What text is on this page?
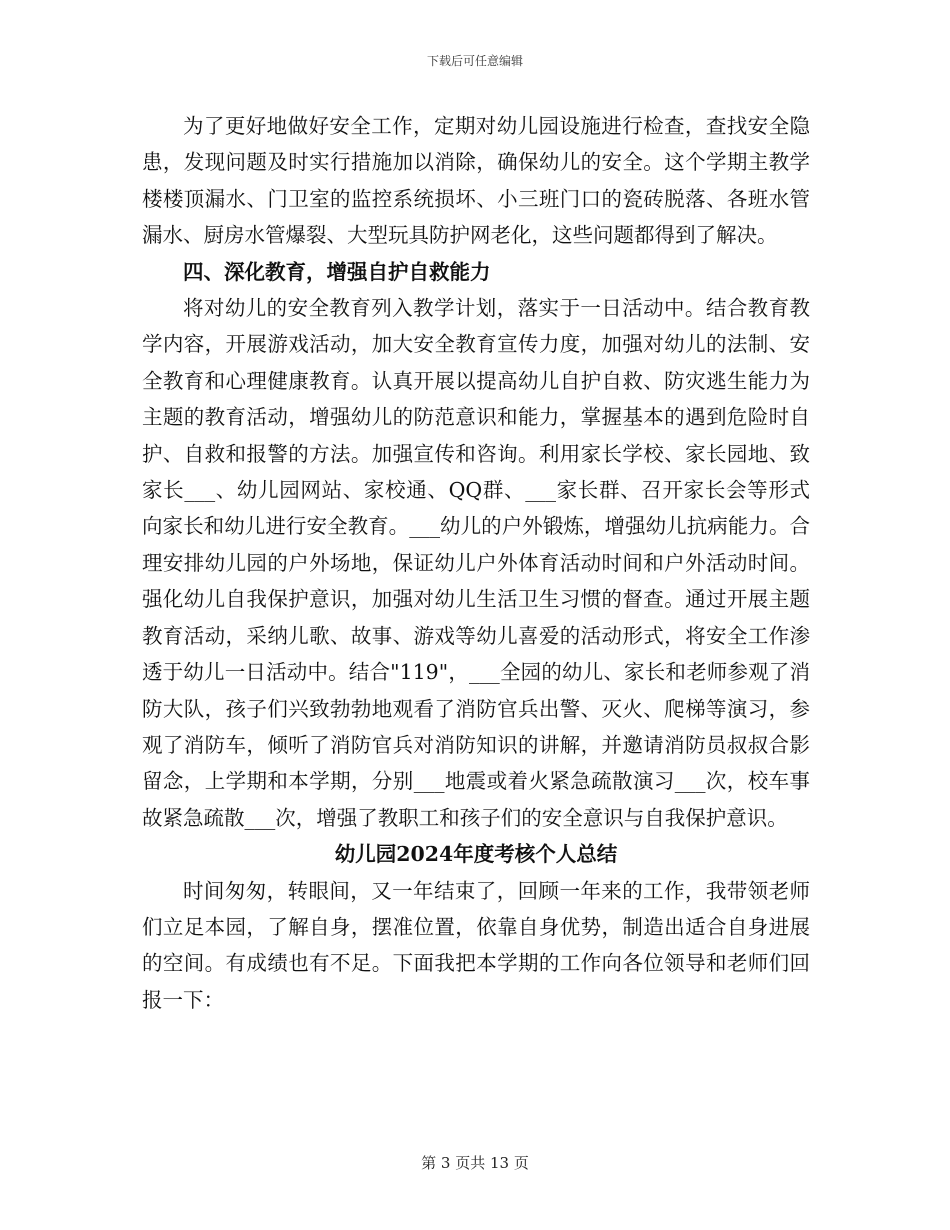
下载后可任意编辑

为了更好地做好安全工作，定期对幼儿园设施进行检查，查找安全隐患，发现问题及时实行措施加以消除，确保幼儿的安全。这个学期主教学楼楼顶漏水、门卫室的监控系统损坏、小三班门口的瓷砖脱落、各班水管漏水、厨房水管爆裂、大型玩具防护网老化，这些问题都得到了解决。

四、深化教育，增强自护自救能力

将对幼儿的安全教育列入教学计划，落实于一日活动中。结合教育教学内容，开展游戏活动，加大安全教育宣传力度，加强对幼儿的法制、安全教育和心理健康教育。认真开展以提高幼儿自护自救、防灾逃生能力为主题的教育活动，增强幼儿的防范意识和能力，掌握基本的遇到危险时自护、自救和报警的方法。加强宣传和咨询。利用家长学校、家长园地、致家长___、幼儿园网站、家校通、QQ群、___家长群、召开家长会等形式向家长和幼儿进行安全教育。___幼儿的户外锻炼，增强幼儿抗病能力。合理安排幼儿园的户外场地，保证幼儿户外体育活动时间和户外活动时间。强化幼儿自我保护意识，加强对幼儿生活卫生习惯的督查。通过开展主题教育活动，采纳儿歌、故事、游戏等幼儿喜爱的活动形式，将安全工作渗透于幼儿一日活动中。结合"119"，___全园的幼儿、家长和老师参观了消防大队，孩子们兴致勃勃地观看了消防官兵出警、灭火、爬梯等演习，参观了消防车，倾听了消防官兵对消防知识的讲解，并邀请消防员叔叔合影留念，上学期和本学期，分别___地震或着火紧急疏散演习___次，校车事故紧急疏散___次，增强了教职工和孩子们的安全意识与自我保护意识。

幼儿园2024年度考核个人总结

时间匆匆，转眼间，又一年结束了，回顾一年来的工作，我带领老师们立足本园，了解自身，摆准位置，依靠自身优势，制造出适合自身进展的空间。有成绩也有不足。下面我把本学期的工作向各位领导和老师们回报一下：

第 3 页共 13 页
